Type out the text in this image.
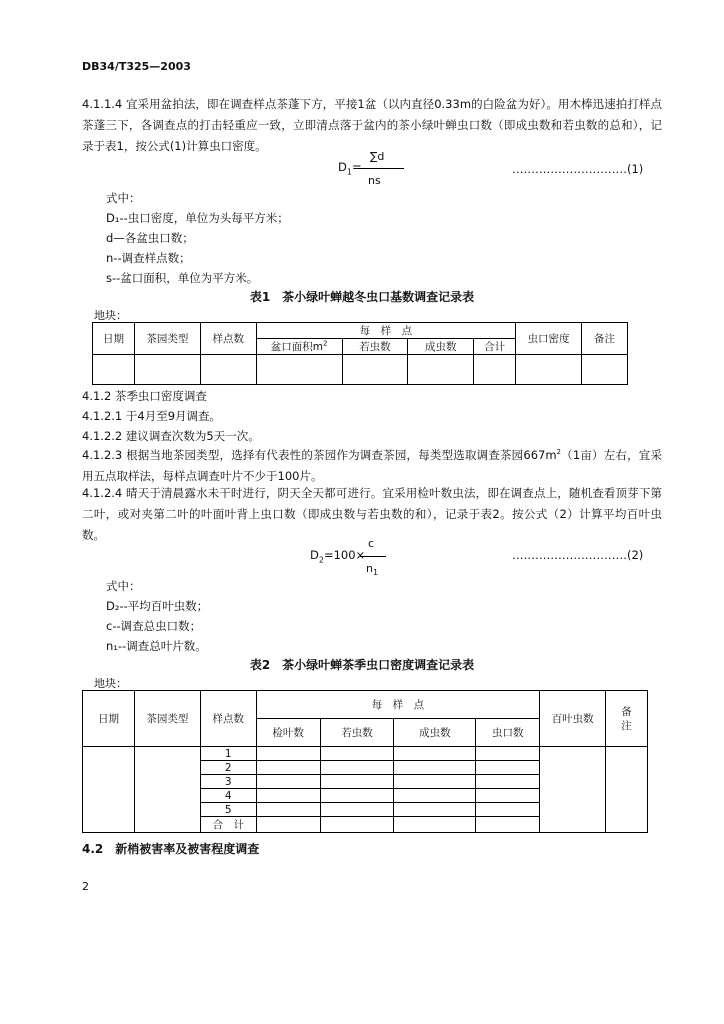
DB34/T325—2003
4.1.1.4 宜采用盆拍法，即在调查样点茶蓬下方，平接1盆（以内直径0.33m的白险盆为好）。用木棒迅速拍打样点茶蓬三下，各调查点的打击轻重应一致，立即清点落于盆内的茶小绿叶蝉虫口数（即成虫数和若虫数的总和），记录于表1，按公式(1)计算虫口密度。
$D_1=$
∑d
ns
…………………………(1)
式中：
D₁--虫口密度，单位为头每平方米；
d—各盆虫口数；
n--调查样点数；
s--盆口面积，单位为平方米。
表1　茶小绿叶蝉越冬虫口基数调查记录表
地块：
日期	茶园类型	样点数	每　样　点				虫口密度	备注
			盆口面积$m^2$	若虫数	成虫数	合计		

4.1.2 茶季虫口密度调查
4.1.2.1 于4月至9月调查。
4.1.2.2 建议调查次数为5天一次。
4.1.2.3 根据当地茶园类型，选择有代表性的茶园作为调查茶园，每类型选取调查茶园$667m^2(1$亩）左右，宜采用五点取样法，每样点调查叶片不少于100片。
4.1.2.4 晴天于清晨露水未干时进行，阴天全天都可进行。宜采用检叶数虫法，即在调查点上，随机查看顶芽下第二叶，或对夹第二叶的叶面叶背上虫口数（即成虫数与若虫数的和），记录于表2。按公式（2）计算平均百叶虫数。
$D_2=100\times$
c
$n_1$
…………………………(2)
式中：
D₂--平均百叶虫数；
c--调查总虫口数；
n₁--调查总叶片数。
表2　茶小绿叶蝉茶季虫口密度调查记录表
地块：
日期	茶园类型	样点数	每　样　点				百叶虫数	备
注
			检叶数	若虫数	成虫数	虫口数		
		1						
		2						
		3						
		4						
		5						
		合　计						
4.2　新梢被害率及被害程度调查
2
